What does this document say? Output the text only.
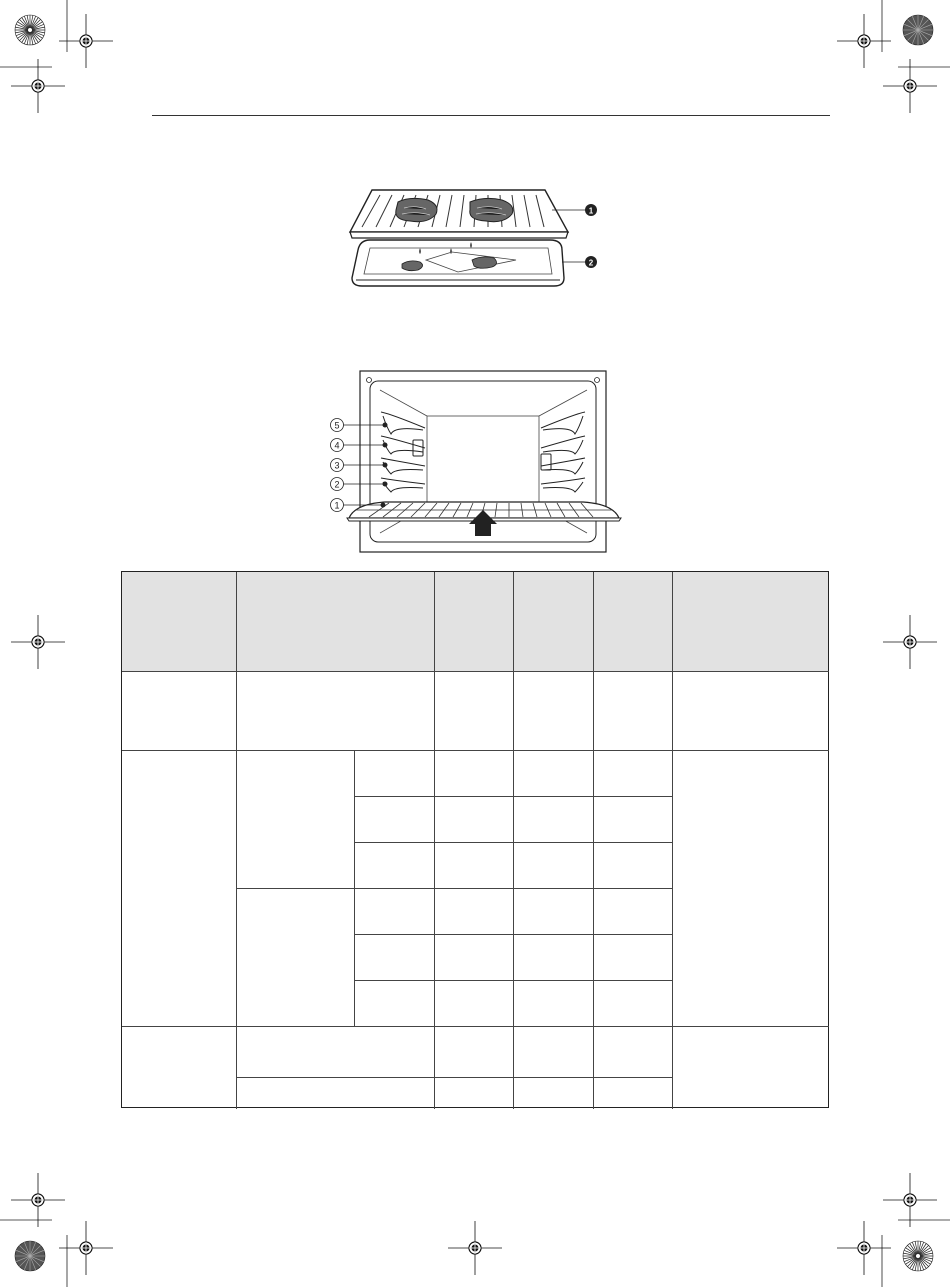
1
2
5
4
3
2
1
